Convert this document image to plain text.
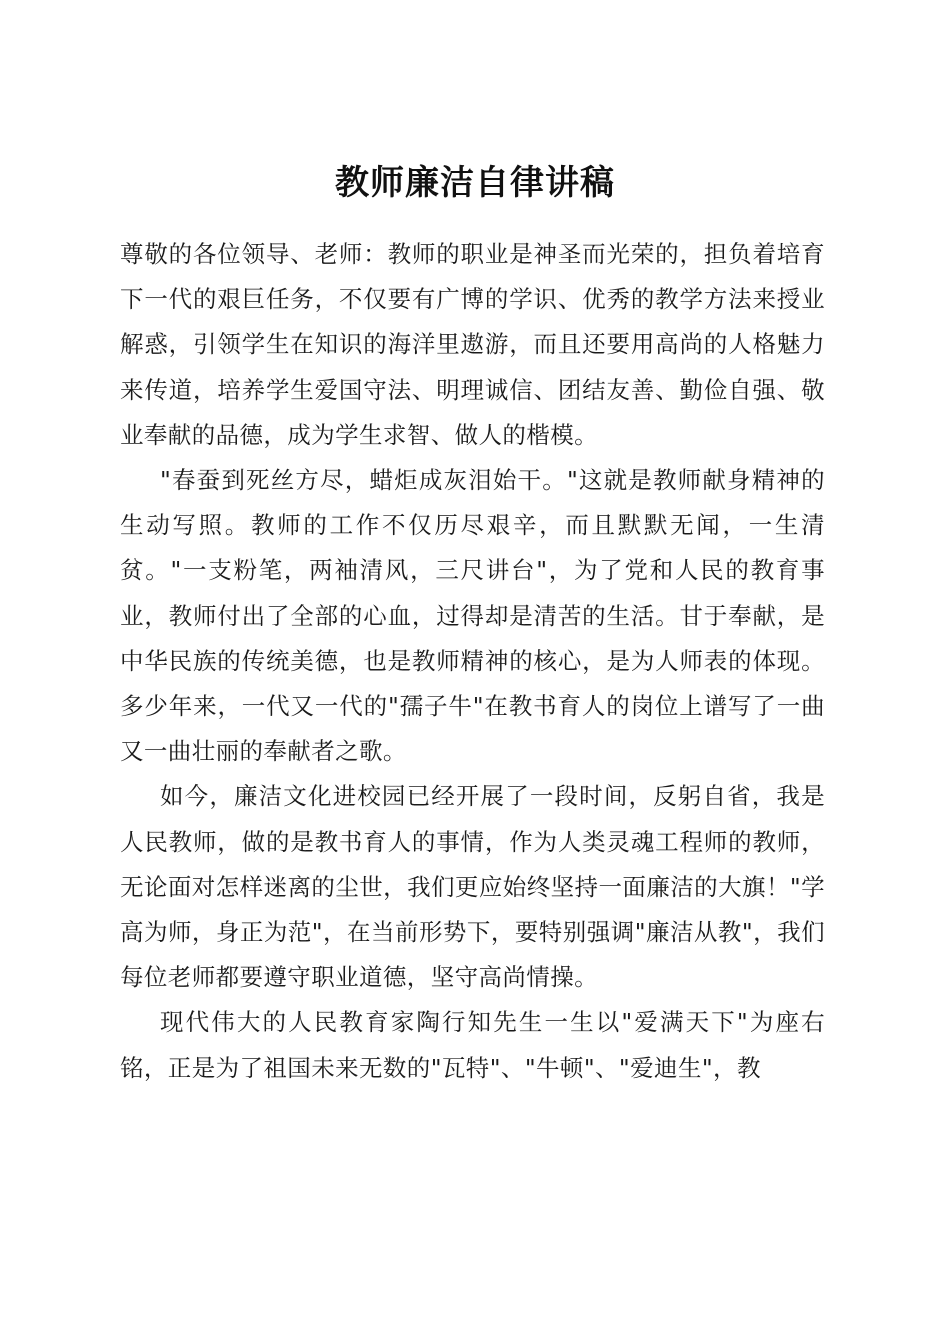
教师廉洁自律讲稿

尊敬的各位领导、老师：教师的职业是神圣而光荣的，担负着培育下一代的艰巨任务，不仅要有广博的学识、优秀的教学方法来授业解惑，引领学生在知识的海洋里遨游，而且还要用高尚的人格魅力来传道，培养学生爱国守法、明理诚信、团结友善、勤俭自强、敬业奉献的品德，成为学生求智、做人的楷模。

"春蚕到死丝方尽，蜡炬成灰泪始干。"这就是教师献身精神的生动写照。教师的工作不仅历尽艰辛，而且默默无闻，一生清贫。"一支粉笔，两袖清风，三尺讲台"，为了党和人民的教育事业，教师付出了全部的心血，过得却是清苦的生活。甘于奉献，是中华民族的传统美德，也是教师精神的核心，是为人师表的体现。多少年来，一代又一代的"孺子牛"在教书育人的岗位上谱写了一曲又一曲壮丽的奉献者之歌。

如今，廉洁文化进校园已经开展了一段时间，反躬自省，我是人民教师，做的是教书育人的事情，作为人类灵魂工程师的教师，无论面对怎样迷离的尘世，我们更应始终坚持一面廉洁的大旗！"学高为师，身正为范"，在当前形势下，要特别强调"廉洁从教"，我们每位老师都要遵守职业道德，坚守高尚情操。

现代伟大的人民教育家陶行知先生一生以"爱满天下"为座右铭，正是为了祖国未来无数的"瓦特"、"牛顿"、"爱迪生"，教
